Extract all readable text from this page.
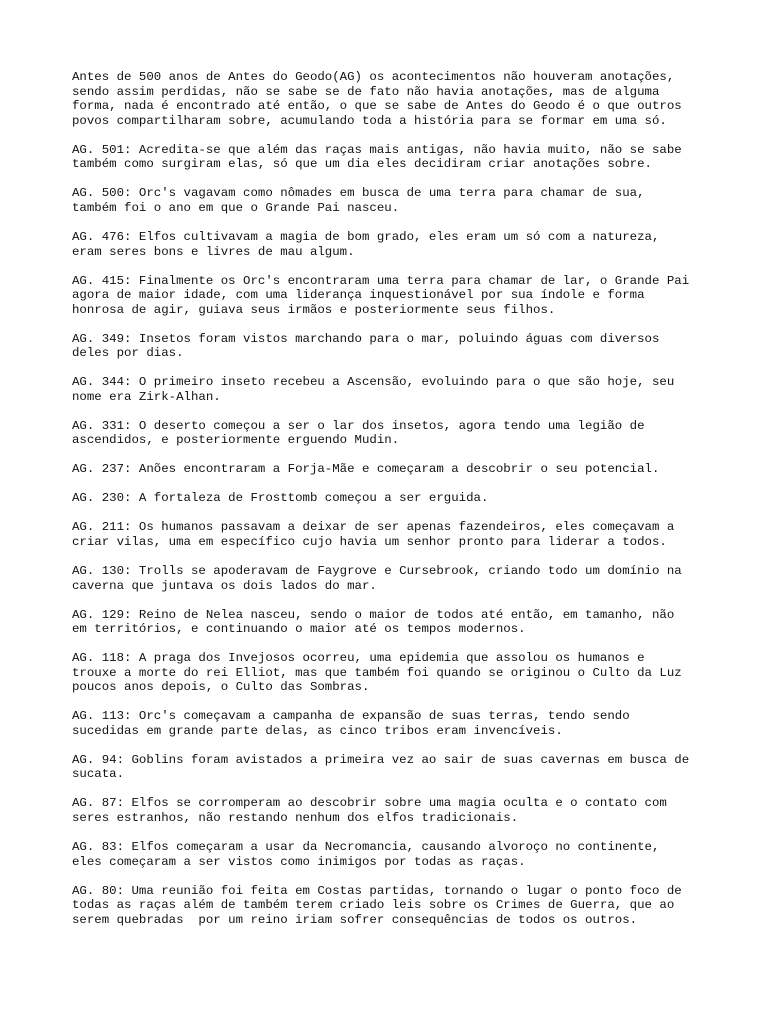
Antes de 500 anos de Antes do Geodo(AG) os acontecimentos não houveram anotações,
sendo assim perdidas, não se sabe se de fato não havia anotações, mas de alguma
forma, nada é encontrado até então, o que se sabe de Antes do Geodo é o que outros
povos compartilharam sobre, acumulando toda a história para se formar em uma só.

AG. 501: Acredita-se que além das raças mais antigas, não havia muito, não se sabe
também como surgiram elas, só que um dia eles decidiram criar anotações sobre.

AG. 500: Orc's vagavam como nômades em busca de uma terra para chamar de sua,
também foi o ano em que o Grande Pai nasceu.

AG. 476: Elfos cultivavam a magia de bom grado, eles eram um só com a natureza,
eram seres bons e livres de mau algum.

AG. 415: Finalmente os Orc's encontraram uma terra para chamar de lar, o Grande Pai
agora de maior idade, com uma liderança inquestionável por sua índole e forma
honrosa de agir, guiava seus irmãos e posteriormente seus filhos.

AG. 349: Insetos foram vistos marchando para o mar, poluindo águas com diversos
deles por dias.

AG. 344: O primeiro inseto recebeu a Ascensão, evoluindo para o que são hoje, seu
nome era Zirk-Alhan.

AG. 331: O deserto começou a ser o lar dos insetos, agora tendo uma legião de
ascendidos, e posteriormente erguendo Mudin.

AG. 237: Anões encontraram a Forja-Mãe e começaram a descobrir o seu potencial.

AG. 230: A fortaleza de Frosttomb começou a ser erguida.

AG. 211: Os humanos passavam a deixar de ser apenas fazendeiros, eles começavam a
criar vilas, uma em específico cujo havia um senhor pronto para liderar a todos.

AG. 130: Trolls se apoderavam de Faygrove e Cursebrook, criando todo um domínio na
caverna que juntava os dois lados do mar.

AG. 129: Reino de Nelea nasceu, sendo o maior de todos até então, em tamanho, não
em territórios, e continuando o maior até os tempos modernos.

AG. 118: A praga dos Invejosos ocorreu, uma epidemia que assolou os humanos e
trouxe a morte do rei Elliot, mas que também foi quando se originou o Culto da Luz
poucos anos depois, o Culto das Sombras.

AG. 113: Orc's começavam a campanha de expansão de suas terras, tendo sendo
sucedidas em grande parte delas, as cinco tribos eram invencíveis.

AG. 94: Goblins foram avistados a primeira vez ao sair de suas cavernas em busca de
sucata.

AG. 87: Elfos se corromperam ao descobrir sobre uma magia oculta e o contato com
seres estranhos, não restando nenhum dos elfos tradicionais.

AG. 83: Elfos começaram a usar da Necromancia, causando alvoroço no continente,
eles começaram a ser vistos como inimigos por todas as raças.

AG. 80: Uma reunião foi feita em Costas partidas, tornando o lugar o ponto foco de
todas as raças além de também terem criado leis sobre os Crimes de Guerra, que ao
serem quebradas  por um reino iriam sofrer consequências de todos os outros.
